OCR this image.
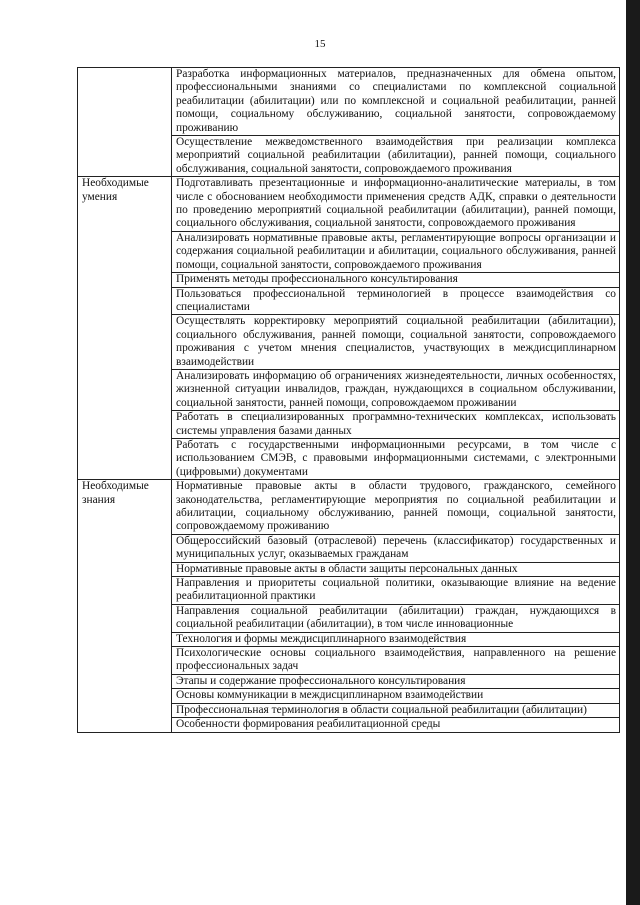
15
	Разработка информационных материалов, предназначенных для обмена опытом, профессиональными знаниями со специалистами по комплексной социальной реабилитации (абилитации) или по комплексной и социальной реабилитации, ранней помощи, социальному обслуживанию, социальной занятости, сопровождаемому проживанию
	Осуществление межведомственного взаимодействия при реализации комплекса мероприятий социальной реабилитации (абилитации), ранней помощи, социального обслуживания, социальной занятости, сопровождаемого проживания
Необходимые умения	Подготавливать презентационные и информационно-аналитические материалы, в том числе с обоснованием необходимости применения средств АДК, справки о деятельности по проведению мероприятий социальной реабилитации (абилитации), ранней помощи, социального обслуживания, социальной занятости, сопровождаемого проживания
	Анализировать нормативные правовые акты, регламентирующие вопросы организации и содержания социальной реабилитации и абилитации, социального обслуживания, ранней помощи, социальной занятости, сопровождаемого проживания
	Применять методы профессионального консультирования
	Пользоваться профессиональной терминологией в процессе взаимодействия со специалистами
	Осуществлять корректировку мероприятий социальной реабилитации (абилитации), социального обслуживания, ранней помощи, социальной занятости, сопровождаемого проживания с учетом мнения специалистов, участвующих в междисциплинарном взаимодействии
	Анализировать информацию об ограничениях жизнедеятельности, личных особенностях, жизненной ситуации инвалидов, граждан, нуждающихся в социальном обслуживании, социальной занятости, ранней помощи, сопровождаемом проживании
	Работать в специализированных программно-технических комплексах, использовать системы управления базами данных
	Работать с государственными информационными ресурсами, в том числе с использованием СМЭВ, с правовыми информационными системами, с электронными (цифровыми) документами
Необходимые знания	Нормативные правовые акты в области трудового, гражданского, семейного законодательства, регламентирующие мероприятия по социальной реабилитации и абилитации, социальному обслуживанию, ранней помощи, социальной занятости, сопровождаемому проживанию
	Общероссийский базовый (отраслевой) перечень (классификатор) государственных и муниципальных услуг, оказываемых гражданам
	Нормативные правовые акты в области защиты персональных данных
	Направления и приоритеты социальной политики, оказывающие влияние на ведение реабилитационной практики
	Направления социальной реабилитации (абилитации) граждан, нуждающихся в социальной реабилитации (абилитации), в том числе инновационные
	Технология и формы междисциплинарного взаимодействия
	Психологические основы социального взаимодействия, направленного на решение профессиональных задач
	Этапы и содержание профессионального консультирования
	Основы коммуникации в междисциплинарном взаимодействии
	Профессиональная терминология в области социальной реабилитации (абилитации)
	Особенности формирования реабилитационной среды
